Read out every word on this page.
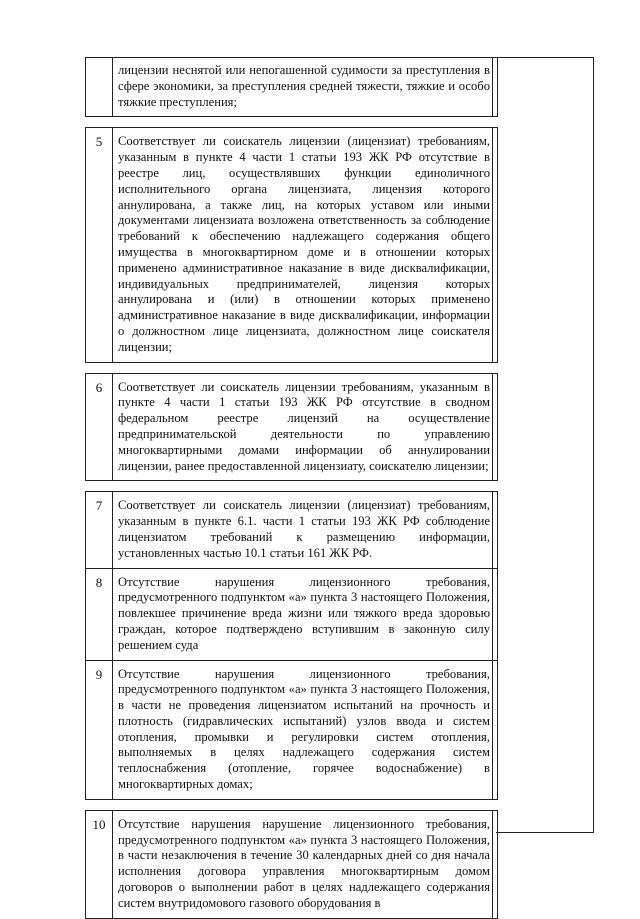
	лицензии неснятой или непогашенной судимости за преступления в сфере экономики, за преступления средней тяжести, тяжкие и особо тяжкие преступления;	

5	Соответствует ли соискатель лицензии (лицензиат) требованиям, указанным в пункте 4 части 1 статьи 193 ЖК РФ отсутствие в реестре лиц, осуществлявших функции единоличного исполнительного органа лицензиата, лицензия которого аннулирована, а также лиц, на которых уставом или иными документами лицензиата возложена ответственность за соблюдение требований к обеспечению надлежащего содержания общего имущества в многоквартирном доме и в отношении которых применено административное наказание в виде дисквалификации, индивидуальных предпринимателей, лицензия которых аннулирована и (или) в отношении которых применено административное наказание в виде дисквалификации, информации о должностном лице лицензиата, должностном лице соискателя лицензии;	

6	Соответствует ли соискатель лицензии требованиям, указанным в пункте 4 части 1 статьи 193 ЖК РФ отсутствие в сводном федеральном реестре лицензий на осуществление предпринимательской деятельности по управлению многоквартирными домами информации об аннулировании лицензии, ранее предоставленной лицензиату, соискателю лицензии;	

7	Соответствует ли соискатель лицензии (лицензиат) требованиям, указанным в пункте 6.1. части 1 статьи 193 ЖК РФ соблюдение лицензиатом требований к размещению информации, установленных частью 10.1 статьи 161 ЖК РФ.	
8	Отсутствие нарушения лицензионного требования, предусмотренного подпунктом «а» пункта 3 настоящего Положения, повлекшее причинение вреда жизни или тяжкого вреда здоровью граждан, которое подтверждено вступившим в законную силу решением суда	
9	Отсутствие нарушения лицензионного требования, предусмотренного подпунктом «а» пункта 3 настоящего Положения, в части не проведения лицензиатом испытаний на прочность и плотность (гидравлических испытаний) узлов ввода и систем отопления, промывки и регулировки систем отопления, выполняемых в целях надлежащего содержания систем теплоснабжения (отопление, горячее водоснабжение) в многоквартирных домах;	

10	Отсутствие нарушения нарушение лицензионного требования, предусмотренного подпунктом «а» пункта 3 настоящего Положения, в части незаключения в течение 30 календарных дней со дня начала исполнения договора управления многоквартирным домом договоров о выполнении работ в целях надлежащего содержания систем внутридомового газового оборудования в	
